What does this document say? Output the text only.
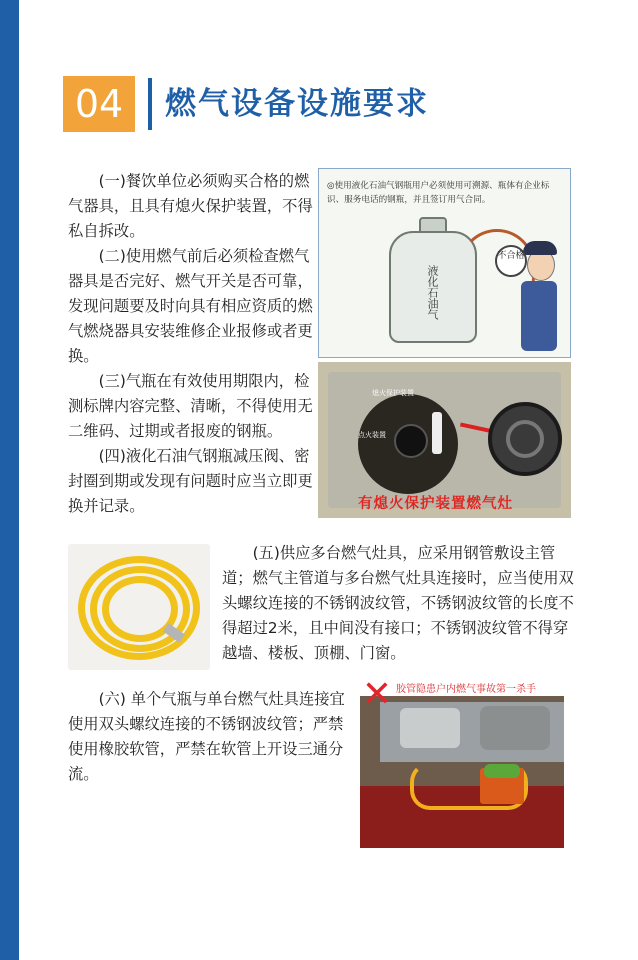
04	燃气设备设施要求

(一)餐饮单位必须购买合格的燃气器具，且具有熄火保护装置，不得私自拆改。

(二)使用燃气前后必须检查燃气器具是否完好、燃气开关是否可靠，发现问题要及时向具有相应资质的燃气燃烧器具安装维修企业报修或者更换。

(三)气瓶在有效使用期限内，检测标牌内容完整、清晰，不得使用无二维码、过期或者报废的钢瓶。

(四)液化石油气钢瓶减压阀、密封圈到期或发现有问题时应当立即更换并记录。

◎使用液化石油气钢瓶用户必须使用可溯源、瓶体有企业标识、服务电话的钢瓶，并且签订用气合同。
液化石油气
不合格
熄火保护装置
点火装置
有熄火保护装置燃气灶

(五)供应多台燃气灶具，应采用钢管敷设主管道；燃气主管道与多台燃气灶具连接时，应当使用双头螺纹连接的不锈钢波纹管，不锈钢波纹管的长度不得超过2米，且中间没有接口；不锈钢波纹管不得穿越墙、楼板、顶棚、门窗。

(六) 单个气瓶与单台燃气灶具连接宜使用双头螺纹连接的不锈钢波纹管；严禁使用橡胶软管，严禁在软管上开设三通分流。

胶管隐患户内燃气事故第一杀手
✕
